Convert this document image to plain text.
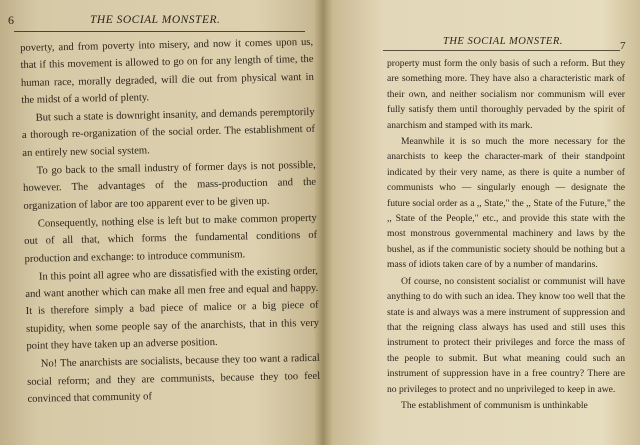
6	THE SOCIAL MONSTER.

poverty, and from poverty into misery, and now it comes upon us, that if this movement is allowed to go on for any length of time, the human race, morally degraded, will die out from physical want in the midst of a world of plenty.

But such a state is downright insanity, and demands peremptorily a thorough re-organization of the social order. The establishment of an entirely new social system.

To go back to the small industry of former days is not possible, however. The advantages of the mass-production and the organization of labor are too apparent ever to be given up.

Consequently, nothing else is left but to make common property out of all that, which forms the fundamental conditions of production and exchange: to introduce communism.

In this point all agree who are dissatisfied with the existing order, and want another which can make all men free and equal and happy. It is therefore simply a bad piece of malice or a big piece of stupidity, when some people say of the anarchists, that in this very point they have taken up an adverse position.

No! The anarchists are socialists, because they too want a radical social reform; and they are communists, because they too feel convinced that community of

THE SOCIAL MONSTER.	7

property must form the only basis of such a reform. But they are something more. They have also a characteristic mark of their own, and neither socialism nor communism will ever fully satisfy them until thoroughly pervaded by the spirit of anarchism and stamped with its mark.

Meanwhile it is so much the more necessary for the anarchists to keep the character-mark of their standpoint indicated by their very name, as there is quite a number of communists who — singularly enough — designate the future social order as a ,, State," the ,, State of the Future," the ,, State of the People," etc., and provide this state with the most monstrous governmental machinery and laws by the bushel, as if the communistic society should be nothing but a mass of idiots taken care of by a number of mandarins.

Of course, no consistent socialist or communist will have anything to do with such an idea. They know too well that the state is and always was a mere instrument of suppression and that the reigning class always has used and still uses this instrument to protect their privileges and force the mass of the people to submit. But what meaning could such an instrument of suppression have in a free country? There are no privileges to protect and no unprivileged to keep in awe.

The establishment of communism is unthinkable
